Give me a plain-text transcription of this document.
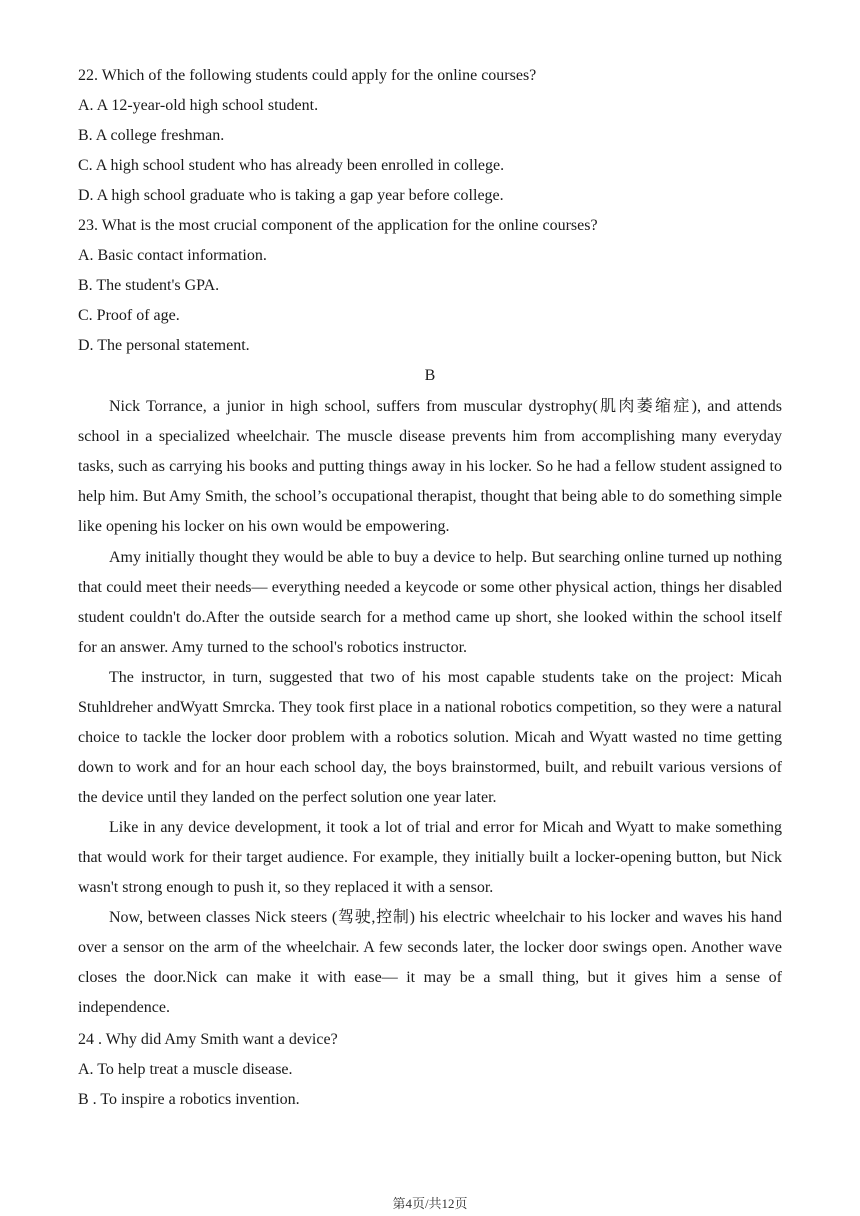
22. Which of the following students could apply for the online courses?
A. A 12-year-old high school student.
B. A college freshman.
C. A high school student who has already been enrolled in college.
D. A high school graduate who is taking a gap year before college.
23. What is the most crucial component of the application for the online courses?
A. Basic contact information.
B. The student's GPA.
C. Proof of age.
D. The personal statement.
B
Nick Torrance, a junior in high school, suffers from muscular dystrophy(肌肉萎缩症), and attends school in a specialized wheelchair. The muscle disease prevents him from accomplishing many everyday tasks, such as carrying his books and putting things away in his locker. So he had a fellow student assigned to help him. But Amy Smith, the school’s occupational therapist, thought that being able to do something simple like opening his locker on his own would be empowering.
Amy initially thought they would be able to buy a device to help. But searching online turned up nothing that could meet their needs— everything needed a keycode or some other physical action, things her disabled student couldn't do.After the outside search for a method came up short, she looked within the school itself for an answer. Amy turned to the school's robotics instructor.
The instructor, in turn, suggested that two of his most capable students take on the project: Micah Stuhldreher andWyatt Smrcka. They took first place in a national robotics competition, so they were a natural choice to tackle the locker door problem with a robotics solution. Micah and Wyatt wasted no time getting down to work and for an hour each school day, the boys brainstormed, built, and rebuilt various versions of the device until they landed on the perfect solution one year later.
Like in any device development, it took a lot of trial and error for Micah and Wyatt to make something that would work for their target audience. For example, they initially built a locker-opening button, but Nick wasn't strong enough to push it, so they replaced it with a sensor.
Now, between classes Nick steers (驾驶,控制) his electric wheelchair to his locker and waves his hand over a sensor on the arm of the wheelchair. A few seconds later, the locker door swings open. Another wave closes the door.Nick can make it with ease— it may be a small thing, but it gives him a sense of independence.
24 . Why did Amy Smith want a device?
A. To help treat a muscle disease.
B . To inspire a robotics invention.
第4页/共12页
